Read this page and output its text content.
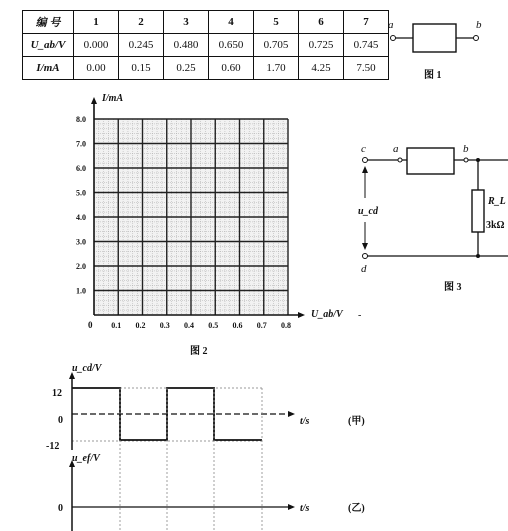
编 号	1	2	3	4	5	6	7
U_ab/V	0.000	0.245	0.480	0.650	0.705	0.725	0.745
I/mA	0.00	0.15	0.25	0.60	1.70	4.25	7.50
a	b
图 1
I/mA
U_ab/V
0
1.0
2.0
3.0
4.0
5.0
6.0
7.0
8.0
0.1 0.2 0.3 0.4 0.5 0.6 0.7 0.8
图 2
c a	b
d
u_cd
R_L
3kΩ
图 3
-
u_cd/V
12
0
-12
t/s	(甲)
u_ef/V
0	t/s	(乙)
